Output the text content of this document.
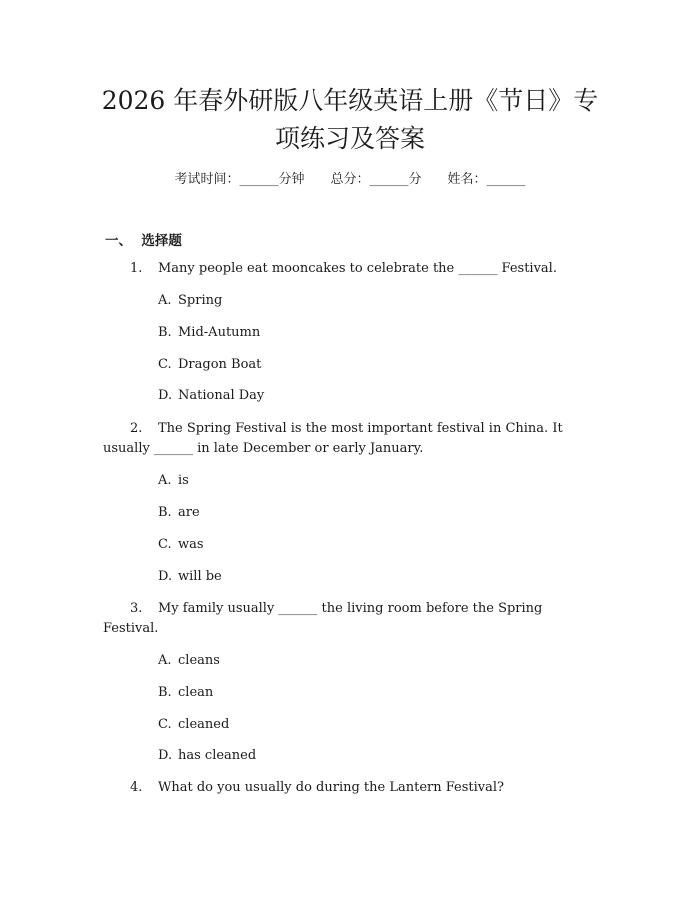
2026 年春外研版八年级英语上册《节日》专
项练习及答案
考试时间：______分钟 总分：______分 姓名：______
一、  选择题
1. Many people eat mooncakes to celebrate the ______ Festival.
A. Spring
B. Mid-Autumn
C. Dragon Boat
D. National Day
2. The Spring Festival is the most important festival in China. It
usually ______ in late December or early January.
A. is
B. are
C. was
D. will be
3. My family usually ______ the living room before the Spring
Festival.
A. cleans
B. clean
C. cleaned
D. has cleaned
4. What do you usually do during the Lantern Festival?
